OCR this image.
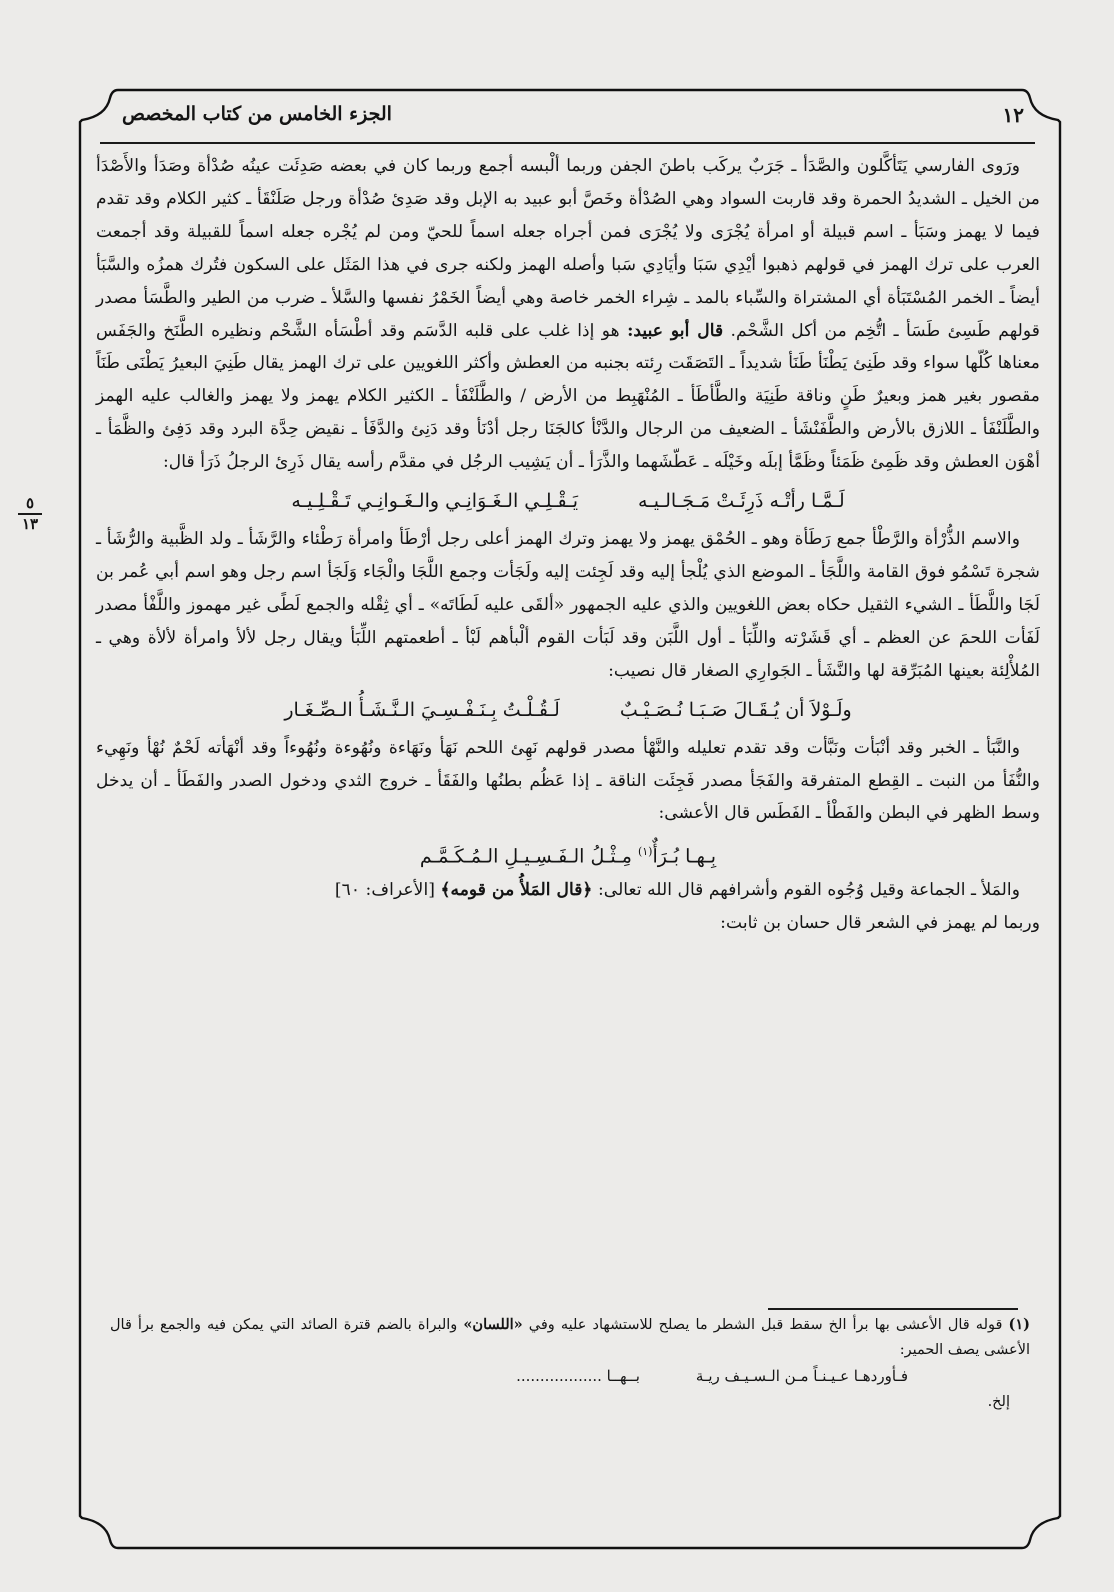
١٢
الجزء الخامس من كتاب المخصص
٥
١٣

ورَوى الفارسي يَتَأكَّلون والصَّدَأ ـ جَرَبٌ يركَب باطنَ الجفن وربما ألْبسه أجمع وربما كان في بعضه صَدِئَت عينُه صُدْأة وصَدَأ والأَصْدَأ من الخيل ـ الشديدُ الحمرة وقد قاربت السواد وهي الصُدْأة وخَصَّ أبو عبيد به الإبل وقد صَدِئ صُدْأة ورجل صَلَنْقَأ ـ كثير الكلام وقد تقدم فيما لا يهمز وسَبَأ ـ اسم قبيلة أو امرأة يُجْرَى ولا يُجْرَى فمن أجراه جعله اسماً للحيّ ومن لم يُجْره جعله اسماً للقبيلة وقد أجمعت العرب على ترك الهمز في قولهم ذهبوا أيْدِي سَبَا وأيَادِي سَبا وأصله الهمز ولكنه جرى في هذا المَثَل على السكون فتُرك همزُه والسَّبَأ أيضاً ـ الخمر المُسْتَبَأة أي المشتراة والسِّباء بالمد ـ شِراء الخمر خاصة وهي أيضاً الخَمْرُ نفسها والسَّلأ ـ ضرب من الطير والطَّسَأ مصدر قولهم طَسِئ طَسَأ ـ اتُّخِم من أكل الشَّحْم. قال أبو عبيد: هو إذا غلب على قلبه الدَّسَم وقد أطْسَأه الشَّحْم ونظيره الطَّنَخ والجَفَس معناها كُلّها سواء وقد طَنِئ يَطْنَأ طَنَأ شديداً ـ التَصَقَت رِئته بجنبه من العطش وأكثر اللغويين على ترك الهمز يقال طَنِيَ البعيرُ يَطْنَى طَنَاً مقصور بغير همز وبعيرٌ طَنٍ وناقة طَنِيَة والطَّأطَأ ـ المُنْهَبِط من الأرض / والطَّلَنْفَأ ـ الكثير الكلام يهمز ولا يهمز والغالب عليه الهمز والطَّلَنْفَأ ـ اللازق بالأرض والطَّفَنْشَأ ـ الضعيف من الرجال والدَّنْأ كالجَنَا رجل أدْنَأ وقد دَنِئ والدَّفَأ ـ نقيض حِدَّة البرد وقد دَفِئ والظَّمَأ ـ أهْوَن العطش وقد ظَمِئ ظَمَئاً وظَمَّأ إبلَه وخَيْلَه ـ عَطّشَهما والذَّرَأ ـ أن يَشِيب الرجُل في مقدَّم رأسه يقال ذَرِئ الرجلُ ذَرَأ قال:

لَـمَّـا رأتْـه ذَرِئَـتْ مَـجَـالـيـه
يَـقْـلِـي الـغَـوَانِـي والـغَـوانِـي تَـقْـلِـيـه

والاسم الذُّرْأة والرَّطْأ جمع رَطَأة وهو ـ الحُمْق يهمز ولا يهمز وترك الهمز أعلى رجل أرْطَأ وامرأة رَطْئاء والرَّشَأ ـ ولد الظَّبية والرُّشَأ ـ شجرة تَسْمُو فوق القامة واللَّجَأ ـ الموضع الذي يُلْجأ إليه وقد لَجِئت إليه ولَجَأت وجمع اللَّجَا والْجَاء وَلَجَأ اسم رجل وهو اسم أبي عُمر بن لَجَا واللَّطَأ ـ الشيء الثقيل حكاه بعض اللغويين والذي عليه الجمهور «ألقَى عليه لَطَاتَه» ـ أي ثِقْله والجمع لَطًى غير مهموز واللَّفْأ مصدر لَفَأت اللحمَ عن العظم ـ أي قَشَرْته واللِّبَأ ـ أول اللَّبَن وقد لَبَأت القوم ألْبأهم لَبْأ ـ أطعمتهم اللِّبَأ ويقال رجل لألأ وامرأة لألأة وهي ـ المُلأْلِئة بعينها المُبَرِّقة لها والنَّشَأ ـ الجَوارِي الصغار قال نصيب:

ولَـوْلاَ أن يُـقَـالَ صَـبَـا نُـصَـيْـبٌ
لَـقُـلْـتُ بِـنَـفْـسِـيَ الـنَّـشَـأُ الـصِّـغَـار

والنَّبَأ ـ الخبر وقد أنْبَأت ونَبَّأت وقد تقدم تعليله والنَّهْأ مصدر قولهم نَهِئ اللحم نَهَأ ونَهَاءة ونُهُوءة ونُهُوءاً وقد أنْهَأته لَحْمٌ نُهْأ ونَهِيء والنُّفَأ من النبت ـ القِطع المتفرقة والفَجَأ مصدر فَجِئَت الناقة ـ إذا عَظُم بطنُها والفَقَأ ـ خروج الثدي ودخول الصدر والفَطَأ ـ أن يدخل وسط الظهر في البطن والفَطْأ ـ الفَطَس قال الأعشى:

بِـهـا بُـرَأٌ$^{(١)}$ مِـثْـلُ الـفَـسِـيـلِ الـمُـكَـمَّـم

والمَلأ ـ الجماعة وقيل وُجُوه القوم وأشرافهم قال الله تعالى: ﴿قال المَلأُ من قومه﴾ [الأعراف: ٦٠]

وربما لم يهمز في الشعر قال حسان بن ثابت:

(١) قوله قال الأعشى بها برأ الخ سقط قبل الشطر ما يصلح للاستشهاد عليه وفي «اللسان» والبراة بالضم قترة الصائد التي يمكن فيه والجمع برأ قال الأعشى يصف الحمير:

فـأوردهـا عـيـنـاً مـن الـسـيـف ريـة
بــهــا ..................

إلخ.
